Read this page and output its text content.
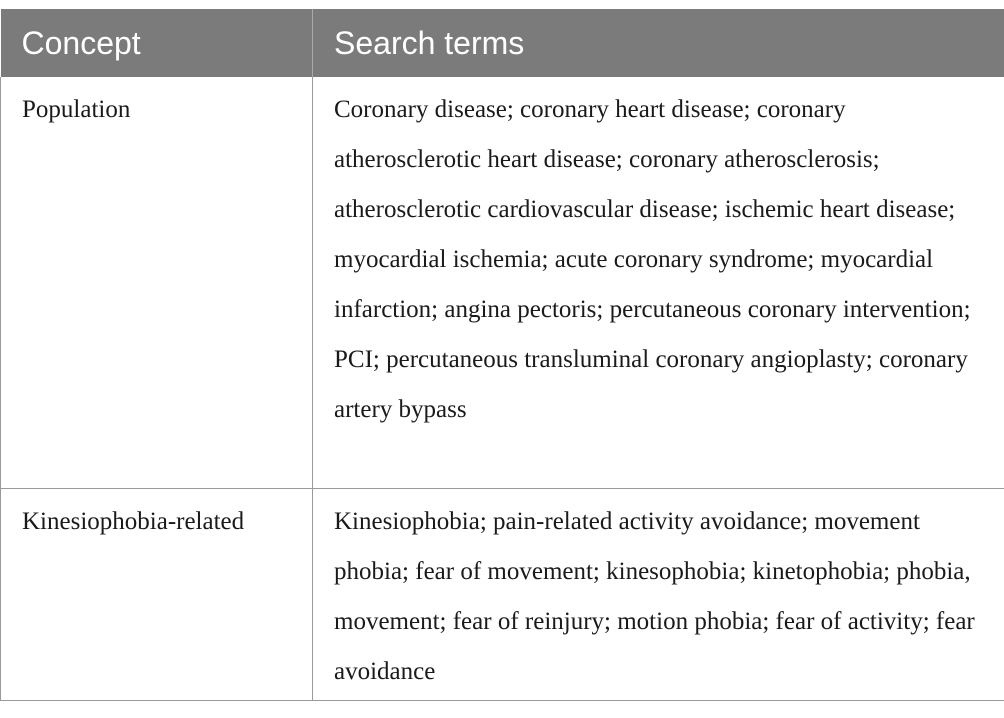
Concept	Search terms
Population	Coronary disease; coronary heart disease; coronary atherosclerotic heart disease; coronary atherosclerosis; atherosclerotic cardiovascular disease; ischemic heart disease; myocardial ischemia; acute coronary syndrome; myocardial infarction; angina pectoris; percutaneous coronary intervention; PCI; percutaneous transluminal coronary angioplasty; coronary artery bypass
Kinesiophobia-related	Kinesiophobia; pain-related activity avoidance; movement phobia; fear of movement; kinesophobia; kinetophobia; phobia, movement; fear of reinjury; motion phobia; fear of activity; fear avoidance
